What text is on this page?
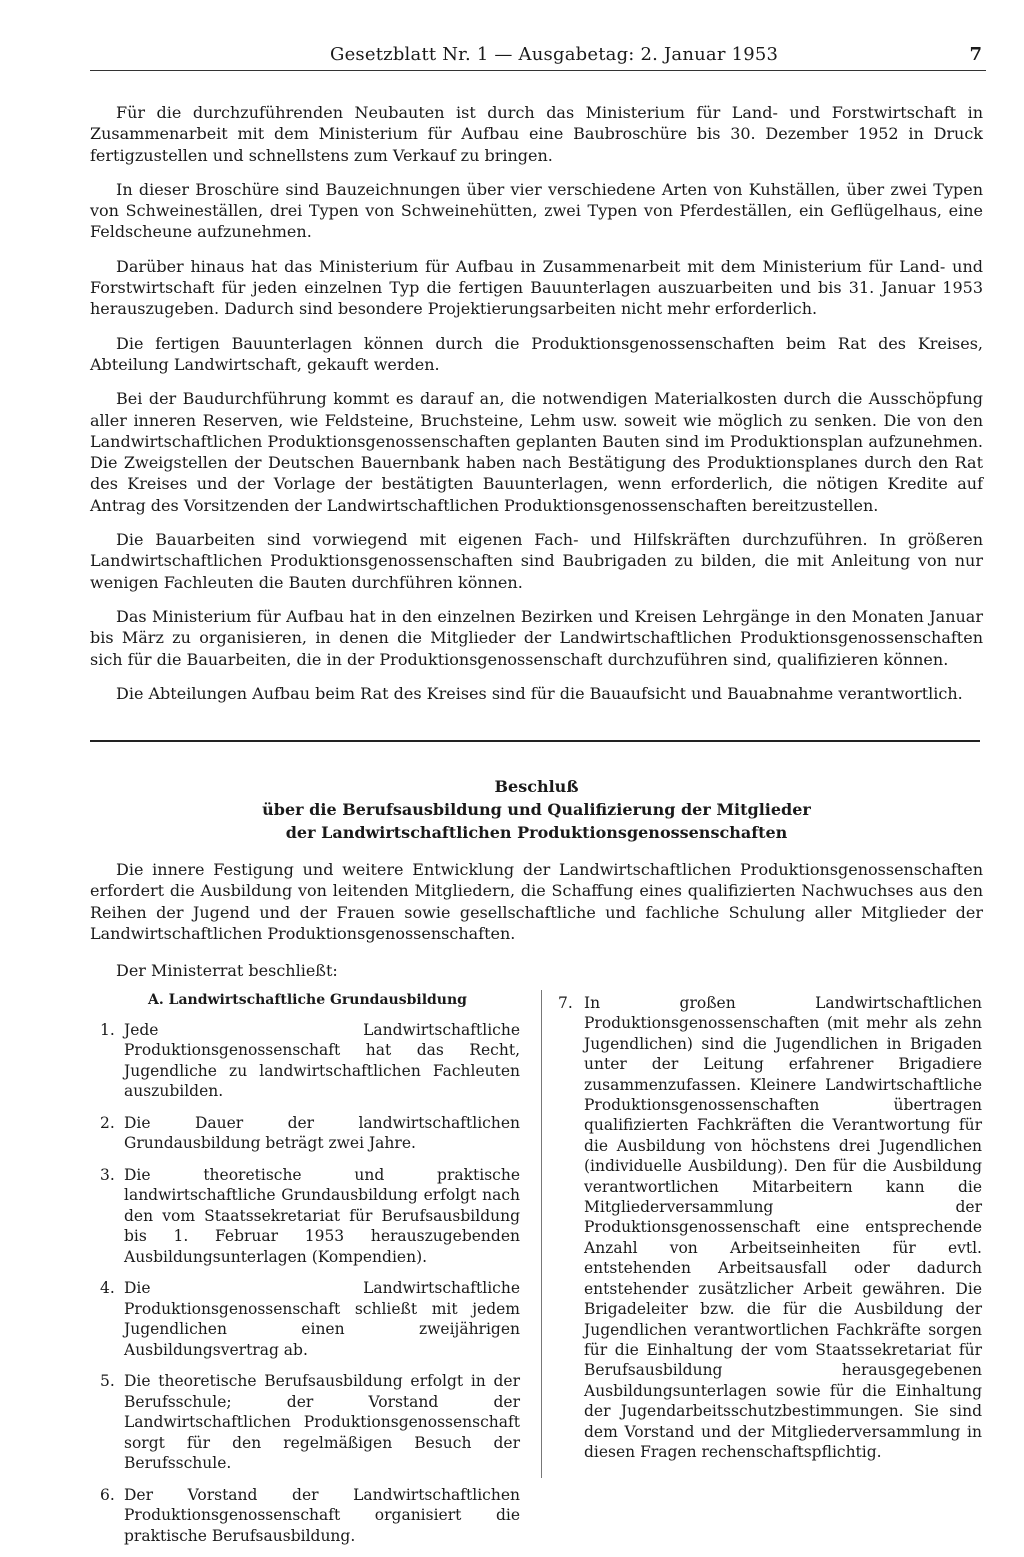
Gesetzblatt Nr. 1 — Ausgabetag: 2. Januar 1953	7

Für die durchzuführenden Neubauten ist durch das Ministerium für Land- und Forstwirtschaft in Zusammenarbeit mit dem Ministerium für Aufbau eine Baubroschüre bis 30. Dezember 1952 in Druck fertigzustellen und schnellstens zum Verkauf zu bringen.

In dieser Broschüre sind Bauzeichnungen über vier verschiedene Arten von Kuhställen, über zwei Typen von Schweineställen, drei Typen von Schweinehütten, zwei Typen von Pferdeställen, ein Geflügelhaus, eine Feldscheune aufzunehmen.

Darüber hinaus hat das Ministerium für Aufbau in Zusammenarbeit mit dem Ministerium für Land- und Forstwirtschaft für jeden einzelnen Typ die fertigen Bauunterlagen auszuarbeiten und bis 31. Januar 1953 herauszugeben. Dadurch sind besondere Projektierungsarbeiten nicht mehr erforderlich.

Die fertigen Bauunterlagen können durch die Produktionsgenossenschaften beim Rat des Kreises, Abteilung Landwirtschaft, gekauft werden.

Bei der Baudurchführung kommt es darauf an, die notwendigen Materialkosten durch die Ausschöpfung aller inneren Reserven, wie Feldsteine, Bruchsteine, Lehm usw. soweit wie möglich zu senken. Die von den Landwirtschaftlichen Produktionsgenossenschaften geplanten Bauten sind im Produktionsplan aufzunehmen. Die Zweigstellen der Deutschen Bauernbank haben nach Bestätigung des Produktionsplanes durch den Rat des Kreises und der Vorlage der bestätigten Bauunterlagen, wenn erforderlich, die nötigen Kredite auf Antrag des Vorsitzenden der Landwirtschaftlichen Produktionsgenossenschaften bereitzustellen.

Die Bauarbeiten sind vorwiegend mit eigenen Fach- und Hilfskräften durchzuführen. In größeren Landwirtschaftlichen Produktionsgenossenschaften sind Baubrigaden zu bilden, die mit Anleitung von nur wenigen Fachleuten die Bauten durchführen können.

Das Ministerium für Aufbau hat in den einzelnen Bezirken und Kreisen Lehrgänge in den Monaten Januar bis März zu organisieren, in denen die Mitglieder der Landwirtschaftlichen Produktionsgenossenschaften sich für die Bauarbeiten, die in der Produktionsgenossenschaft durchzuführen sind, qualifizieren können.

Die Abteilungen Aufbau beim Rat des Kreises sind für die Bauaufsicht und Bauabnahme verantwortlich.

Beschluß
über die Berufsausbildung und Qualifizierung der Mitglieder
der Landwirtschaftlichen Produktionsgenossenschaften

Die innere Festigung und weitere Entwicklung der Landwirtschaftlichen Produktionsgenossenschaften erfordert die Ausbildung von leitenden Mitgliedern, die Schaffung eines qualifizierten Nachwuchses aus den Reihen der Jugend und der Frauen sowie gesellschaftliche und fachliche Schulung aller Mitglieder der Landwirtschaftlichen Produktionsgenossenschaften.

Der Ministerrat beschließt:
A. Landwirtschaftliche Grundausbildung
1. Jede Landwirtschaftliche Produktionsgenossenschaft hat das Recht, Jugendliche zu landwirtschaftlichen Fachleuten auszubilden.
2. Die Dauer der landwirtschaftlichen Grundausbildung beträgt zwei Jahre.
3. Die theoretische und praktische landwirtschaftliche Grundausbildung erfolgt nach den vom Staatssekretariat für Berufsausbildung bis 1. Februar 1953 herauszugebenden Ausbildungsunterlagen (Kompendien).
4. Die Landwirtschaftliche Produktionsgenossenschaft schließt mit jedem Jugendlichen einen zweijährigen Ausbildungsvertrag ab.
5. Die theoretische Berufsausbildung erfolgt in der Berufsschule; der Vorstand der Landwirtschaftlichen Produktionsgenossenschaft sorgt für den regelmäßigen Besuch der Berufsschule.
6. Der Vorstand der Landwirtschaftlichen Produktionsgenossenschaft organisiert die praktische Berufsausbildung.
7. In großen Landwirtschaftlichen Produktionsgenossenschaften (mit mehr als zehn Jugendlichen) sind die Jugendlichen in Brigaden unter der Leitung erfahrener Brigadiere zusammenzufassen. Kleinere Landwirtschaftliche Produktionsgenossenschaften übertragen qualifizierten Fachkräften die Verantwortung für die Ausbildung von höchstens drei Jugendlichen (individuelle Ausbildung). Den für die Ausbildung verantwortlichen Mitarbeitern kann die Mitgliederversammlung der Produktionsgenossenschaft eine entsprechende Anzahl von Arbeitseinheiten für evtl. entstehenden Arbeitsausfall oder dadurch entstehender zusätzlicher Arbeit gewähren. Die Brigadeleiter bzw. die für die Ausbildung der Jugendlichen verantwortlichen Fachkräfte sorgen für die Einhaltung der vom Staatssekretariat für Berufsausbildung herausgegebenen Ausbildungsunterlagen sowie für die Einhaltung der Jugendarbeitsschutzbestimmungen. Sie sind dem Vorstand und der Mitgliederversammlung in diesen Fragen rechenschaftspflichtig.
